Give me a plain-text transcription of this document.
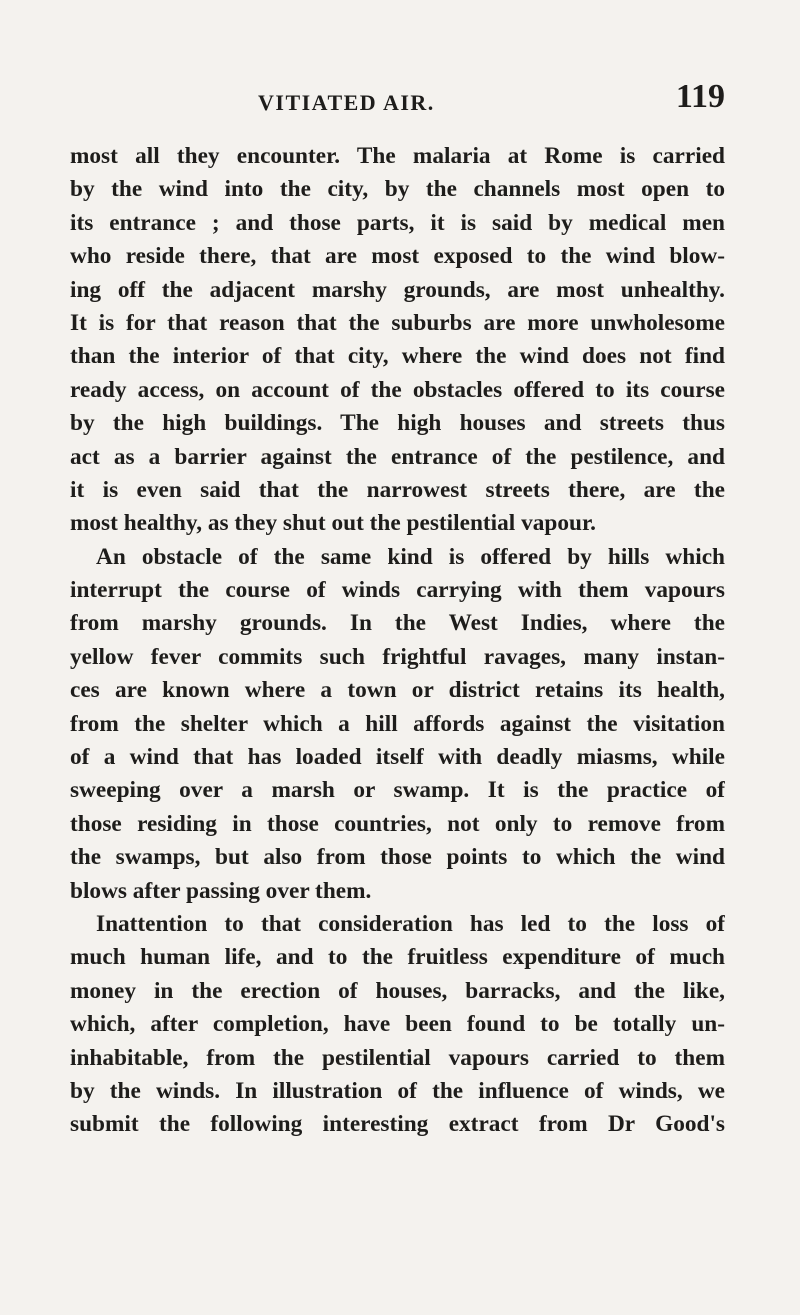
VITIATED AIR.	119
most all they encounter. The malaria at Rome is carried
by the wind into the city, by the channels most open to
its entrance ; and those parts, it is said by medical men
who reside there, that are most exposed to the wind blow-
ing off the adjacent marshy grounds, are most unhealthy.
It is for that reason that the suburbs are more unwholesome
than the interior of that city, where the wind does not find
ready access, on account of the obstacles offered to its course
by the high buildings. The high houses and streets thus
act as a barrier against the entrance of the pestilence, and
it is even said that the narrowest streets there, are the
most healthy, as they shut out the pestilential vapour.
An obstacle of the same kind is offered by hills which
interrupt the course of winds carrying with them vapours
from marshy grounds. In the West Indies, where the
yellow fever commits such frightful ravages, many instan-
ces are known where a town or district retains its health,
from the shelter which a hill affords against the visitation
of a wind that has loaded itself with deadly miasms, while
sweeping over a marsh or swamp. It is the practice of
those residing in those countries, not only to remove from
the swamps, but also from those points to which the wind
blows after passing over them.
Inattention to that consideration has led to the loss of
much human life, and to the fruitless expenditure of much
money in the erection of houses, barracks, and the like,
which, after completion, have been found to be totally un-
inhabitable, from the pestilential vapours carried to them
by the winds. In illustration of the influence of winds, we
submit the following interesting extract from Dr Good's
